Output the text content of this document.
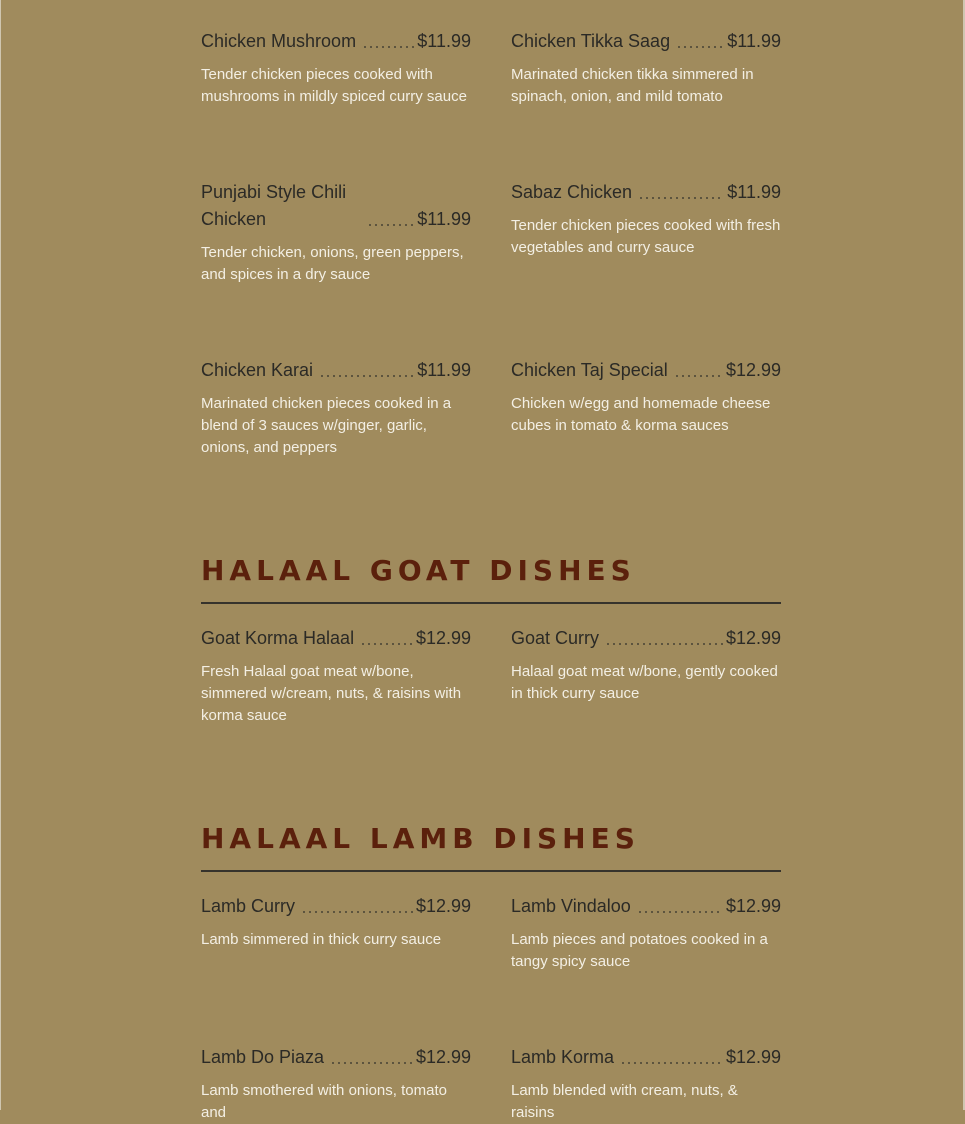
Chicken Mushroom	$11.99
Tender chicken pieces cooked with mushrooms in mildly spiced curry sauce
Chicken Tikka Saag	$11.99
Marinated chicken tikka simmered in spinach, onion, and mild tomato
Punjabi Style Chili Chicken	$11.99
Tender chicken, onions, green peppers, and spices in a dry sauce
Sabaz Chicken	$11.99
Tender chicken pieces cooked with fresh vegetables and curry sauce
Chicken Karai	$11.99
Marinated chicken pieces cooked in a blend of 3 sauces w/ginger, garlic, onions, and peppers
Chicken Taj Special	$12.99
Chicken w/egg and homemade cheese cubes in tomato & korma sauces
HALAAL GOAT DISHES
Goat Korma Halaal	$12.99
Fresh Halaal goat meat w/bone, simmered w/cream, nuts, & raisins with korma sauce
Goat Curry	$12.99
Halaal goat meat w/bone, gently cooked in thick curry sauce
HALAAL LAMB DISHES
Lamb Curry	$12.99
Lamb simmered in thick curry sauce
Lamb Vindaloo	$12.99
Lamb pieces and potatoes cooked in a tangy spicy sauce
Lamb Do Piaza	$12.99
Lamb smothered with onions, tomato and
Lamb Korma	$12.99
Lamb blended with cream, nuts, & raisins
